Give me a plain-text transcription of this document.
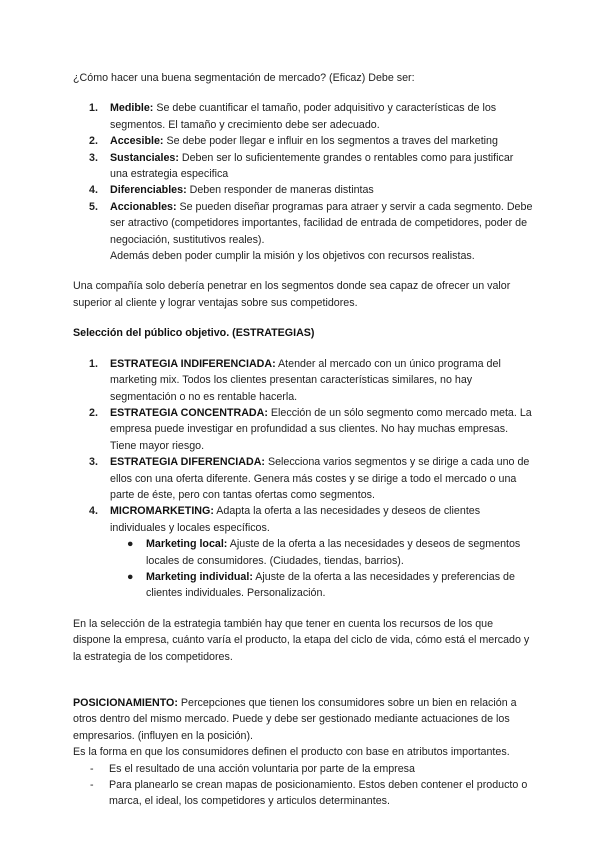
¿Cómo hacer una buena segmentación de mercado? (Eficaz) Debe ser:

1. Medible: Se debe cuantificar el tamaño, poder adquisitivo y características de los segmentos. El tamaño y crecimiento debe ser adecuado.
2. Accesible: Se debe poder llegar e influir en los segmentos a traves del marketing
3. Sustanciales: Deben ser lo suficientemente grandes o rentables como para justificar una estrategia especifica
4. Diferenciables: Deben responder de maneras distintas
5. Accionables: Se pueden diseñar programas para atraer y servir a cada segmento. Debe ser atractivo (competidores importantes, facilidad de entrada de competidores, poder de negociación, sustitutivos reales).
Además deben poder cumplir la misión y los objetivos con recursos realistas.

Una compañía solo debería penetrar en los segmentos donde sea capaz de ofrecer un valor superior al cliente y lograr ventajas sobre sus competidores.

Selección del público objetivo. (ESTRATEGIAS)

1. ESTRATEGIA INDIFERENCIADA: Atender al mercado con un único programa del marketing mix. Todos los clientes presentan características similares, no hay segmentación o no es rentable hacerla.
2. ESTRATEGIA CONCENTRADA: Elección de un sólo segmento como mercado meta. La empresa puede investigar en profundidad a sus clientes. No hay muchas empresas. Tiene mayor riesgo.
3. ESTRATEGIA DIFERENCIADA: Selecciona varios segmentos y se dirige a cada uno de ellos con una oferta diferente. Genera más costes y se dirige a todo el mercado o una parte de éste, pero con tantas ofertas como segmentos.
4. MICROMARKETING: Adapta la oferta a las necesidades y deseos de clientes individuales y locales específicos.
● Marketing local: Ajuste de la oferta a las necesidades y deseos de segmentos locales de consumidores. (Ciudades, tiendas, barrios).
● Marketing individual: Ajuste de la oferta a las necesidades y preferencias de clientes individuales. Personalización.

En la selección de la estrategia también hay que tener en cuenta los recursos de los que dispone la empresa, cuánto varía el producto, la etapa del ciclo de vida, cómo está el mercado y la estrategia de los competidores.

POSICIONAMIENTO: Percepciones que tienen los consumidores sobre un bien en relación a otros dentro del mismo mercado. Puede y debe ser gestionado mediante actuaciones de los empresarios. (influyen en la posición).

Es la forma en que los consumidores definen el producto con base en atributos importantes.

- Es el resultado de una acción voluntaria por parte de la empresa
- Para planearlo se crean mapas de posicionamiento. Estos deben contener el producto o marca, el ideal, los competidores y articulos determinantes.
